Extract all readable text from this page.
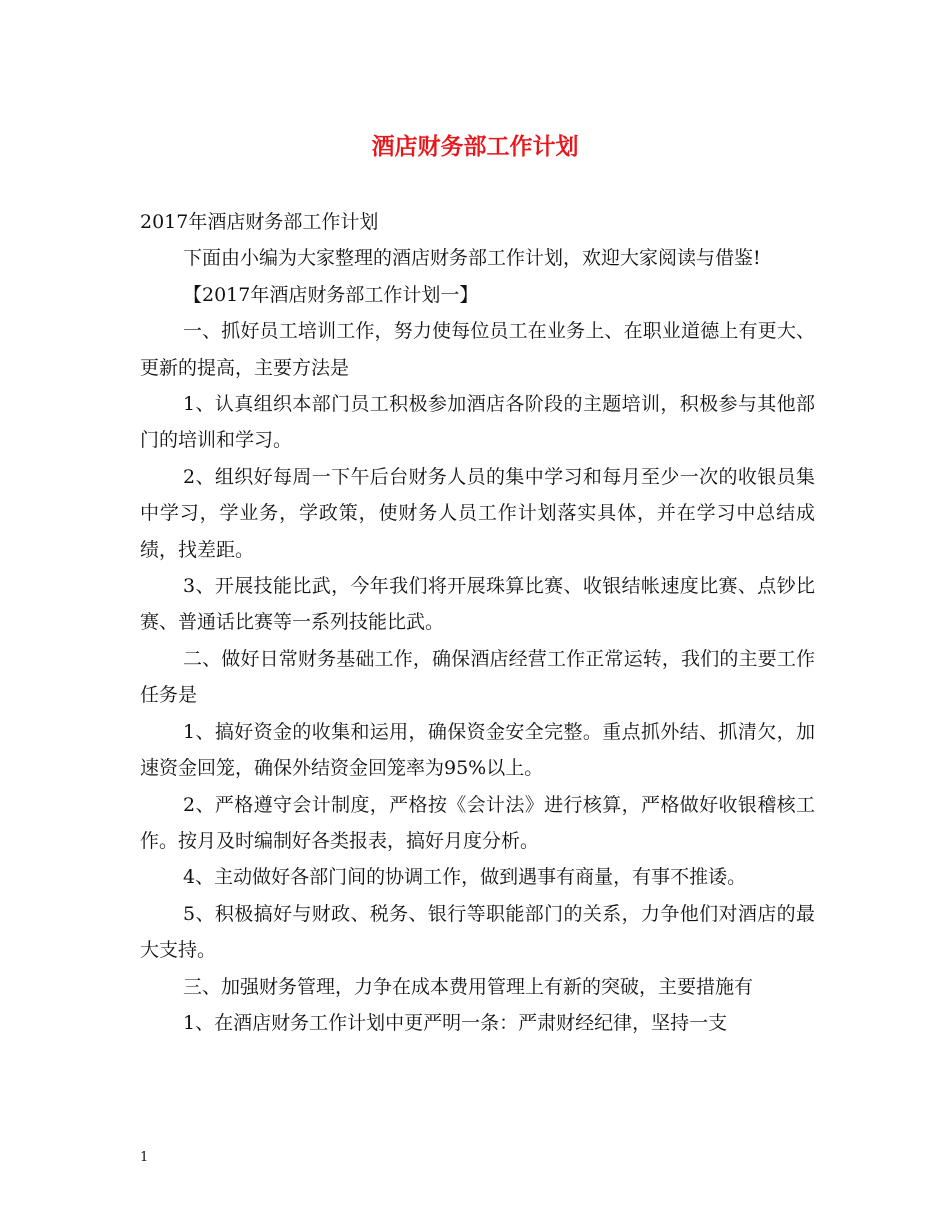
酒店财务部工作计划

2017年酒店财务部工作计划

下面由小编为大家整理的酒店财务部工作计划，欢迎大家阅读与借鉴!

【2017年酒店财务部工作计划一】

一、抓好员工培训工作，努力使每位员工在业务上、在职业道德上有更大、更新的提高，主要方法是

1、认真组织本部门员工积极参加酒店各阶段的主题培训，积极参与其他部门的培训和学习。

2、组织好每周一下午后台财务人员的集中学习和每月至少一次的收银员集中学习，学业务，学政策，使财务人员工作计划落实具体，并在学习中总结成绩，找差距。

3、开展技能比武，今年我们将开展珠算比赛、收银结帐速度比赛、点钞比赛、普通话比赛等一系列技能比武。

二、做好日常财务基础工作，确保酒店经营工作正常运转，我们的主要工作任务是

1、搞好资金的收集和运用，确保资金安全完整。重点抓外结、抓清欠，加速资金回笼，确保外结资金回笼率为95%以上。

2、严格遵守会计制度，严格按《会计法》进行核算，严格做好收银稽核工作。按月及时编制好各类报表，搞好月度分析。

4、主动做好各部门间的协调工作，做到遇事有商量，有事不推诿。

5、积极搞好与财政、税务、银行等职能部门的关系，力争他们对酒店的最大支持。

三、加强财务管理，力争在成本费用管理上有新的突破，主要措施有

1、在酒店财务工作计划中更严明一条：严肃财经纪律，坚持一支

1
